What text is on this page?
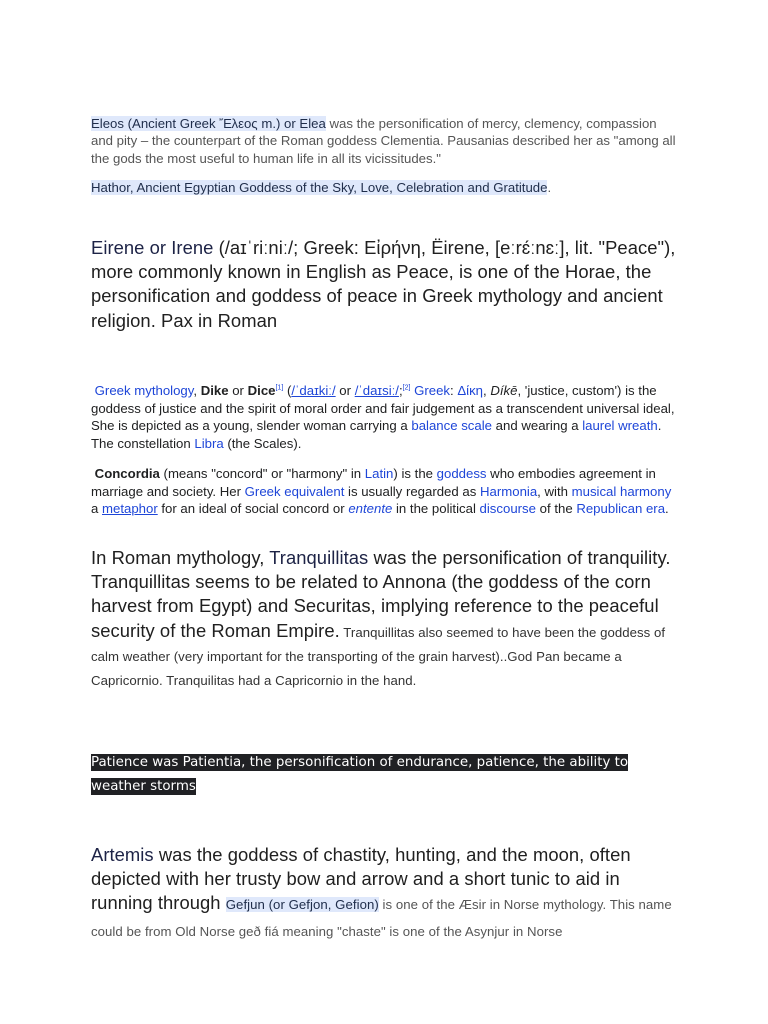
Eleos (Ancient Greek Ἔλεος m.) or Elea was the personification of mercy, clemency, compassion and pity – the counterpart of the Roman goddess Clementia. Pausanias described her as "among all the gods the most useful to human life in all its vicissitudes."

Hathor, Ancient Egyptian Goddess of the Sky, Love, Celebration and Gratitude.

Eirene or Irene (/aɪˈriːniː/; Greek: Εἰρήνη, Ëirene, [eːrɛ́ːnɛː], lit. "Peace"), more commonly known in English as Peace, is one of the Horae, the personification and goddess of peace in Greek mythology and ancient religion. Pax in Roman

Greek mythology, Dike or Dice[1] (/ˈdaɪkiː/ or /ˈdaɪsiː/;[2] Greek: Δίκη, Díkē, 'justice, custom') is the goddess of justice and the spirit of moral order and fair judgement as a transcendent universal ideal, She is depicted as a young, slender woman carrying a balance scale and wearing a laurel wreath. The constellation Libra (the Scales).

Concordia (means "concord" or "harmony" in Latin) is the goddess who embodies agreement in marriage and society. Her Greek equivalent is usually regarded as Harmonia, with musical harmony a metaphor for an ideal of social concord or entente in the political discourse of the Republican era.

In Roman mythology, Tranquillitas was the personification of tranquility. Tranquillitas seems to be related to Annona (the goddess of the corn harvest from Egypt) and Securitas, implying reference to the peaceful security of the Roman Empire. Tranquillitas also seemed to have been the goddess of calm weather (very important for the transporting of the grain harvest)..God Pan became a Capricornio. Tranquilitas had a Capricornio in the hand.

Patience was Patientia, the personification of endurance, patience, the ability to weather storms

Artemis was the goddess of chastity, hunting, and the moon, often depicted with her trusty bow and arrow and a short tunic to aid in running through Gefjun (or Gefjon, Gefion) is one of the Æsir in Norse mythology. This name could be from Old Norse geð fiá meaning "chaste" is one of the Asynjur in Norse
